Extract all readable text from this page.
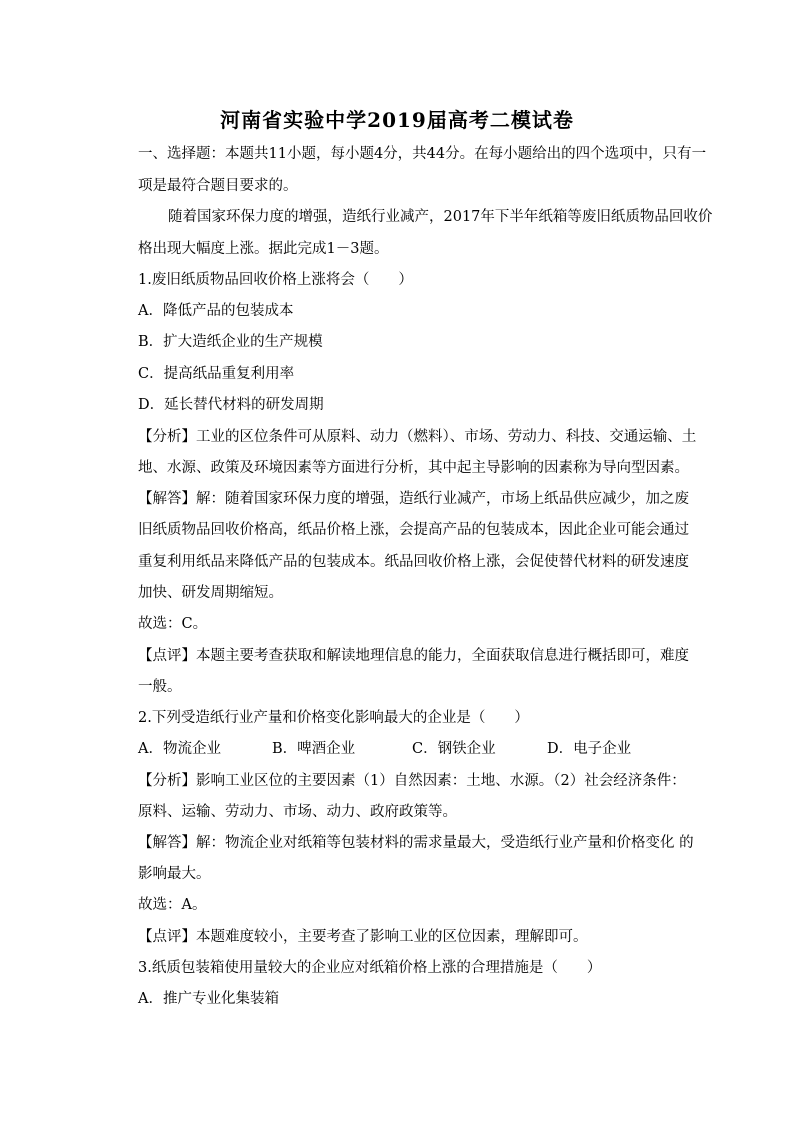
河南省实验中学2019届高考二模试卷
一、选择题：本题共11小题，每小题4分，共44分。在每小题给出的四个选项中，只有一
项是最符合题目要求的。
随着国家环保力度的增强，造纸行业减产，2017年下半年纸箱等废旧纸质物品回收价
格出现大幅度上涨。据此完成1－3题。
1.废旧纸质物品回收价格上涨将会（　　）
A．降低产品的包装成本
B．扩大造纸企业的生产规模
C．提高纸品重复利用率
D．延长替代材料的研发周期
【分析】工业的区位条件可从原料、动力（燃料）、市场、劳动力、科技、交通运输、土
地、水源、政策及环境因素等方面进行分析，其中起主导影响的因素称为导向型因素。
【解答】解：随着国家环保力度的增强，造纸行业减产，市场上纸品供应减少，加之废
旧纸质物品回收价格高，纸品价格上涨，会提高产品的包装成本，因此企业可能会通过
重复利用纸品来降低产品的包装成本。纸品回收价格上涨，会促使替代材料的研发速度
加快、研发周期缩短。
故选：C。
【点评】本题主要考查获取和解读地理信息的能力，全面获取信息进行概括即可，难度
一般。
2.下列受造纸行业产量和价格变化影响最大的企业是（　　）
A．物流企业	B．啤酒企业	C．钢铁企业	D．电子企业
【分析】影响工业区位的主要因素（1）自然因素：土地、水源。（2）社会经济条件：
原料、运输、劳动力、市场、动力、政府政策等。
【解答】解：物流企业对纸箱等包装材料的需求量最大，受造纸行业产量和价格变化 的
影响最大。
故选：A。
【点评】本题难度较小，主要考查了影响工业的区位因素，理解即可。
3.纸质包装箱使用量较大的企业应对纸箱价格上涨的合理措施是（　　）
A．推广专业化集装箱
